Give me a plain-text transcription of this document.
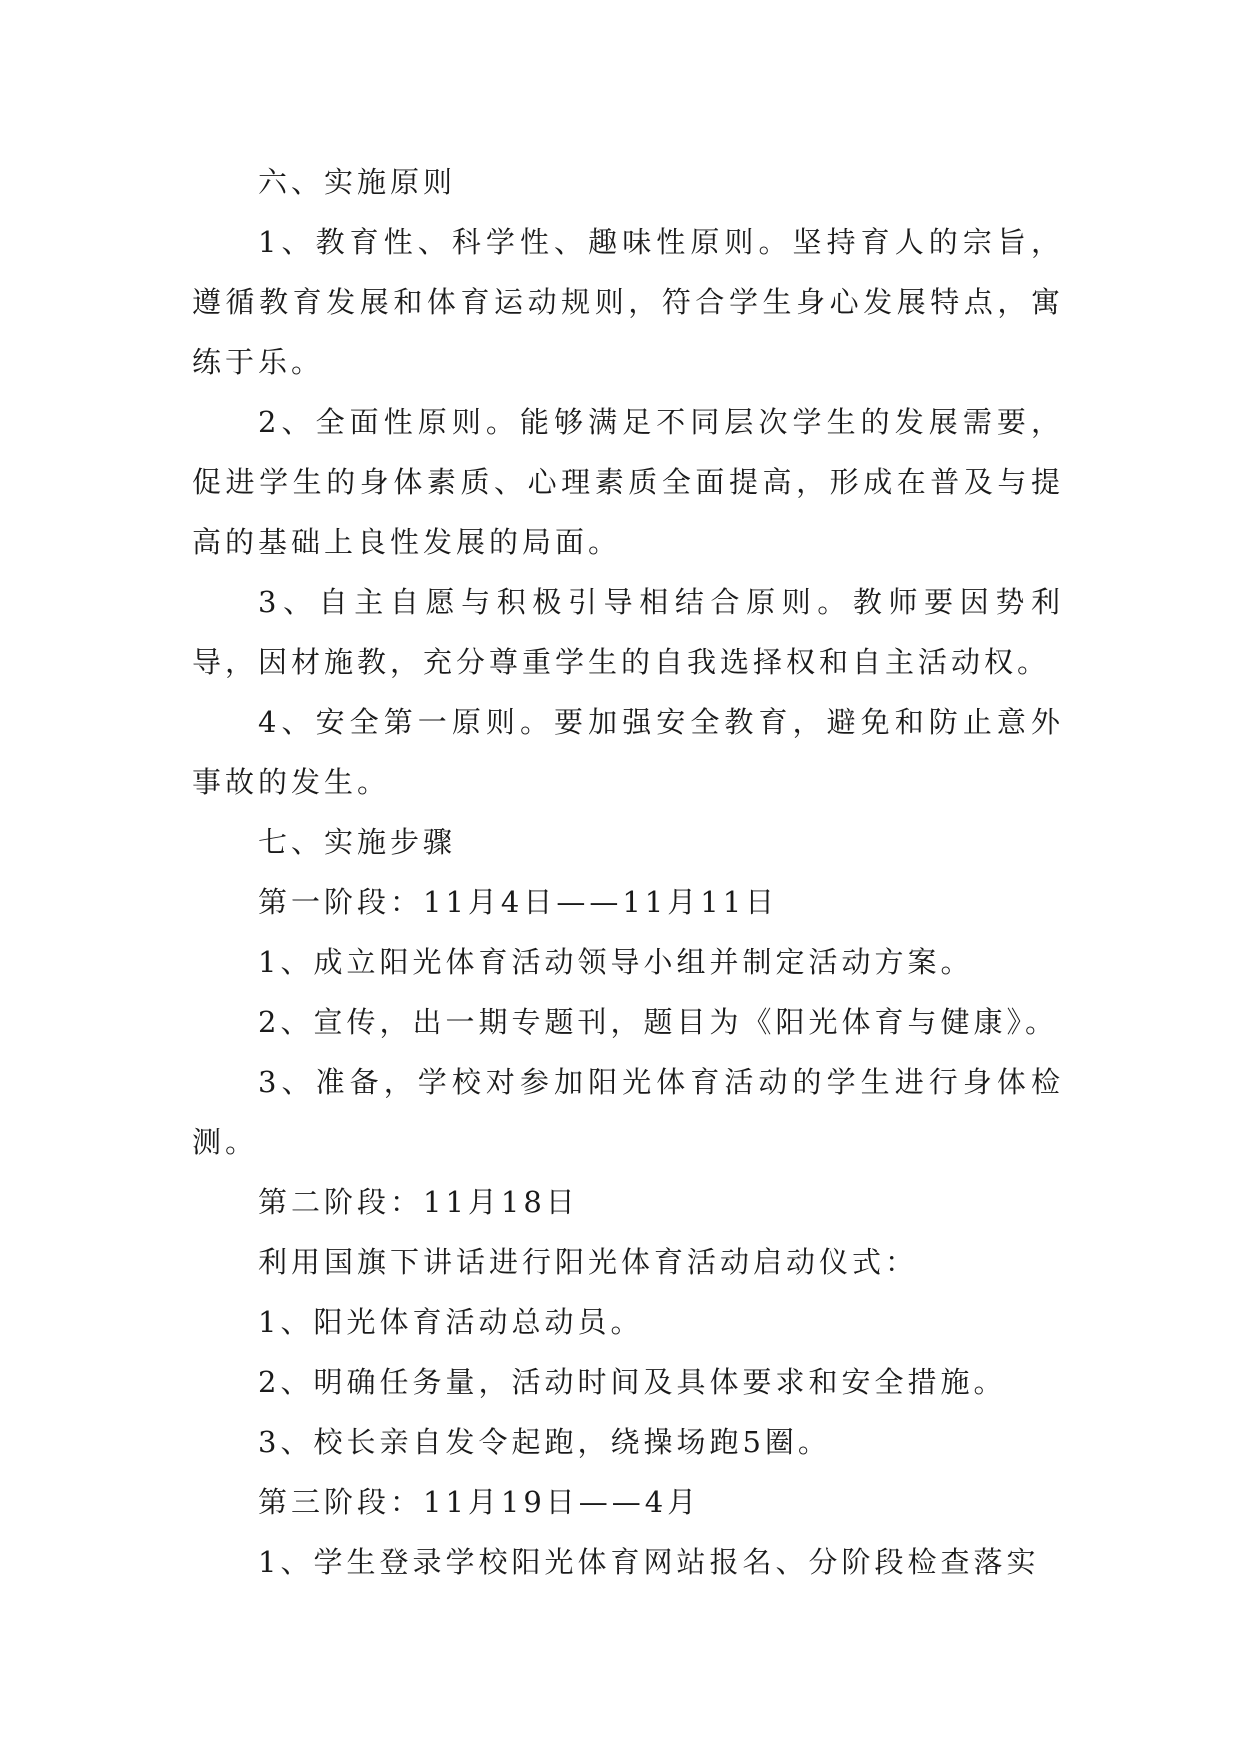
六、实施原则

1、教育性、科学性、趣味性原则。坚持育人的宗旨，遵循教育发展和体育运动规则，符合学生身心发展特点，寓练于乐。

2、全面性原则。能够满足不同层次学生的发展需要，促进学生的身体素质、心理素质全面提高，形成在普及与提高的基础上良性发展的局面。

3、自主自愿与积极引导相结合原则。教师要因势利导，因材施教，充分尊重学生的自我选择权和自主活动权。

4、安全第一原则。要加强安全教育，避免和防止意外事故的发生。

七、实施步骤

第一阶段：11月4日——11月11日

1、成立阳光体育活动领导小组并制定活动方案。

2、宣传，出一期专题刊，题目为《阳光体育与健康》。

3、准备，学校对参加阳光体育活动的学生进行身体检测。

第二阶段：11月18日

利用国旗下讲话进行阳光体育活动启动仪式：

1、阳光体育活动总动员。

2、明确任务量，活动时间及具体要求和安全措施。

3、校长亲自发令起跑，绕操场跑5圈。

第三阶段：11月19日——4月

1、学生登录学校阳光体育网站报名、分阶段检查落实
